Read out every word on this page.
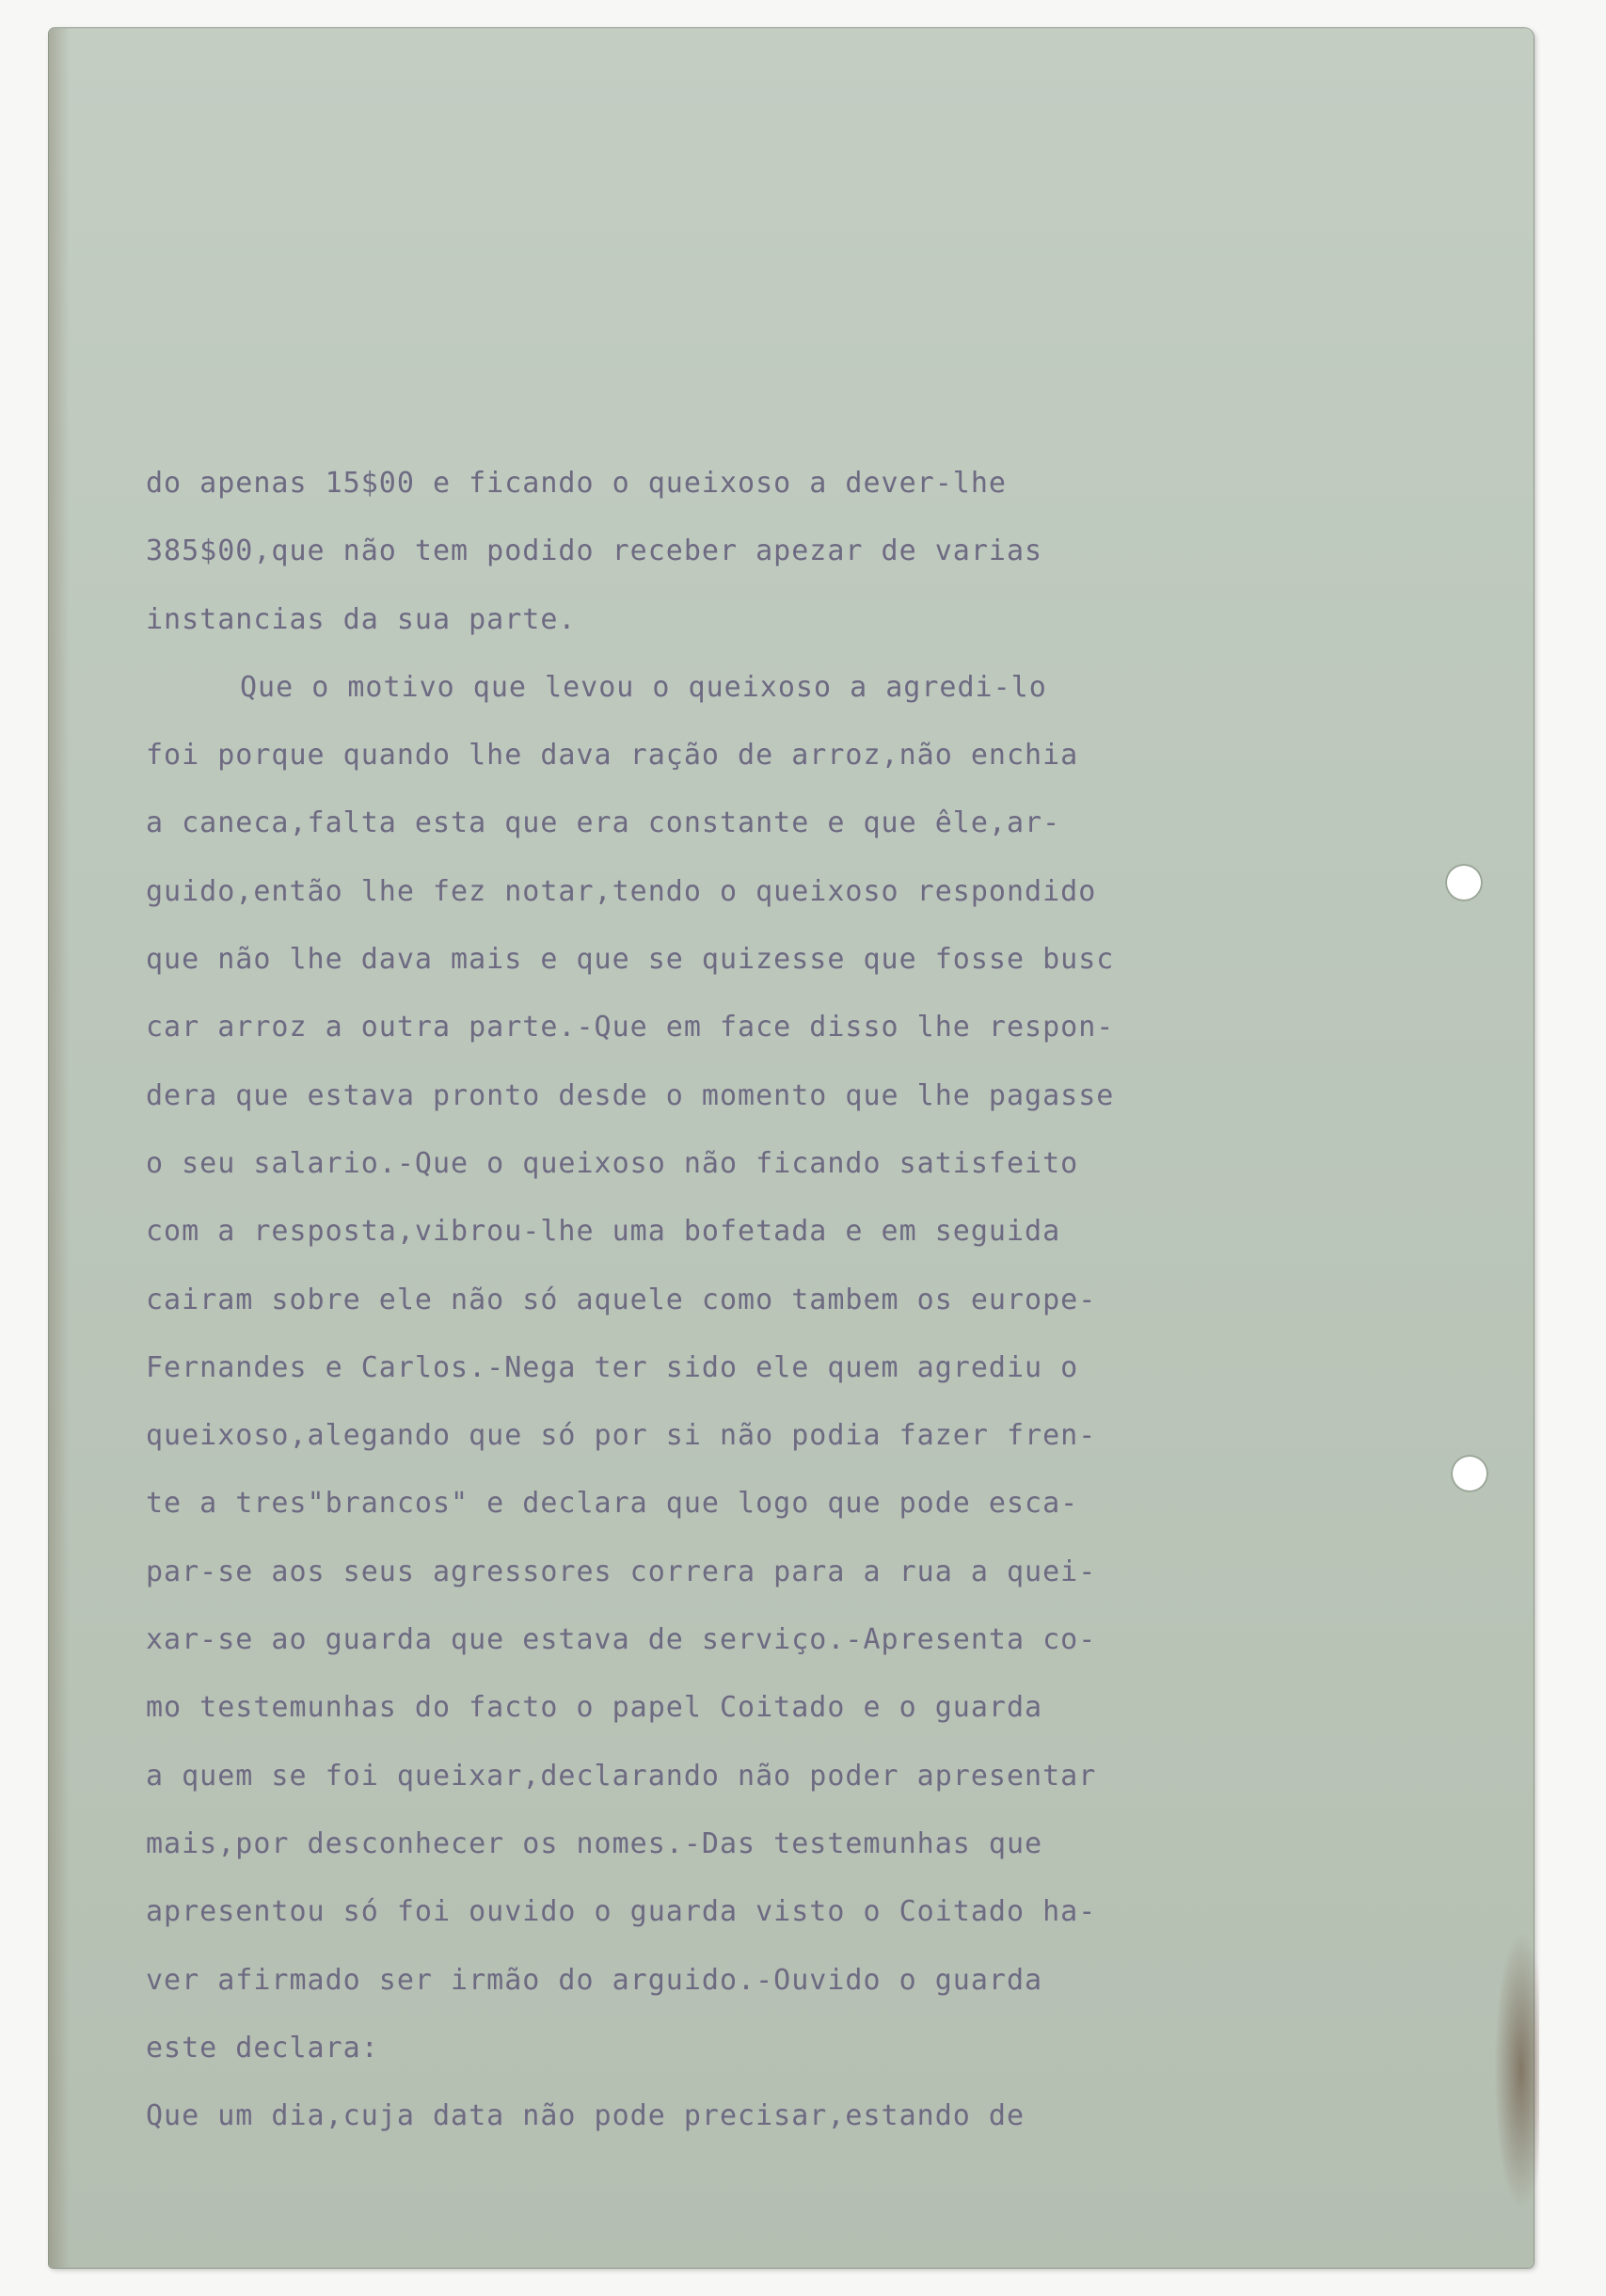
do apenas 15$00 e ficando o queixoso a dever-lhe
385$00,que não tem podido receber apezar de varias
instancias da sua parte.
Que o motivo que levou o queixoso a agredi-lo
foi porque quando lhe dava ração de arroz,não enchia
a caneca,falta esta que era constante e que êle,ar-
guido,então lhe fez notar,tendo o queixoso respondido
que não lhe dava mais e que se quizesse que fosse busc
car arroz a outra parte.-Que em face disso lhe respon-
dera que estava pronto desde o momento que lhe pagasse
o seu salario.-Que o queixoso não ficando satisfeito
com a resposta,vibrou-lhe uma bofetada e em seguida
cairam sobre ele não só aquele como tambem os europe-
Fernandes e Carlos.-Nega ter sido ele quem agrediu o
queixoso,alegando que só por si não podia fazer fren-
te a tres"brancos" e declara que logo que pode esca-
par-se aos seus agressores correra para a rua a quei-
xar-se ao guarda que estava de serviço.-Apresenta co-
mo testemunhas do facto o papel Coitado e o guarda
a quem se foi queixar,declarando não poder apresentar
mais,por desconhecer os nomes.-Das testemunhas que
apresentou só foi ouvido o guarda visto o Coitado ha-
ver afirmado ser irmão do arguido.-Ouvido o guarda
este declara:
Que um dia,cuja data não pode precisar,estando de
